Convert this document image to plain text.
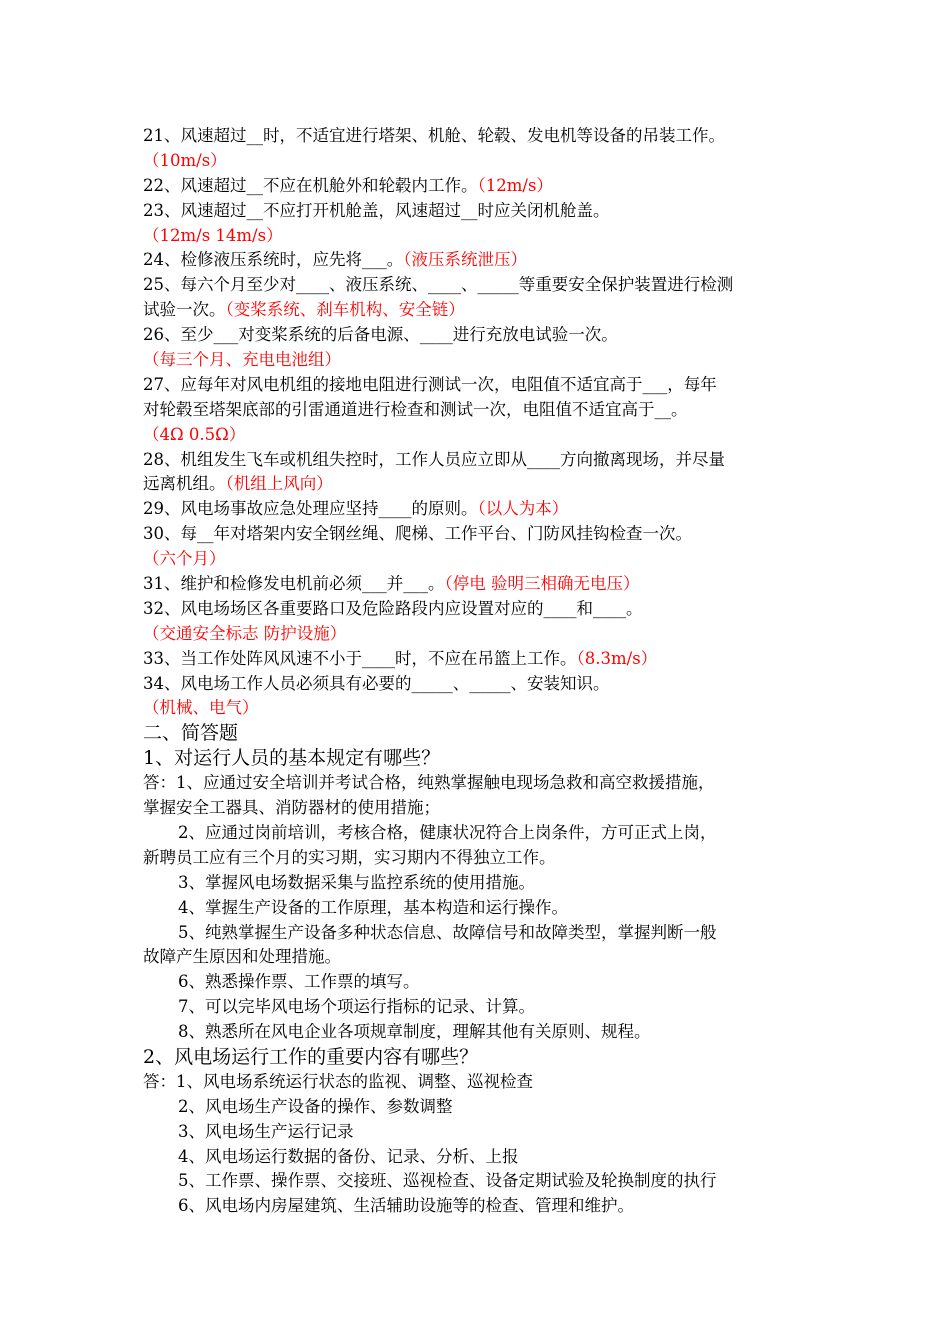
21、风速超过__时，不适宜进行塔架、机舱、轮毂、发电机等设备的吊装工作。
（10m/s）
22、风速超过__不应在机舱外和轮毂内工作。（12m/s）
23、风速超过__不应打开机舱盖，风速超过__时应关闭机舱盖。
（12m/s 14m/s）
24、检修液压系统时，应先将___。（液压系统泄压）
25、每六个月至少对____、液压系统、____、_____等重要安全保护装置进行检测
试验一次。（变桨系统、刹车机构、安全链）
26、至少___对变桨系统的后备电源、____进行充放电试验一次。
（每三个月、充电电池组）
27、应每年对风电机组的接地电阻进行测试一次，电阻值不适宜高于___，每年
对轮毂至塔架底部的引雷通道进行检查和测试一次，电阻值不适宜高于__。
（4Ω 0.5Ω）
28、机组发生飞车或机组失控时，工作人员应立即从____方向撤离现场，并尽量
远离机组。（机组上风向）
29、风电场事故应急处理应坚持____的原则。（以人为本）
30、每__年对塔架内安全钢丝绳、爬梯、工作平台、门防风挂钩检查一次。
（六个月）
31、维护和检修发电机前必须___并___。（停电 验明三相确无电压）
32、风电场场区各重要路口及危险路段内应设置对应的____和____。
（交通安全标志 防护设施）
33、当工作处阵风风速不小于____时，不应在吊篮上工作。（8.3m/s）
34、风电场工作人员必须具有必要的_____、_____、安装知识。
（机械、电气）
二、简答题
1、对运行人员的基本规定有哪些？
答：1、应通过安全培训并考试合格，纯熟掌握触电现场急救和高空救援措施，
掌握安全工器具、消防器材的使用措施；
2、应通过岗前培训，考核合格，健康状况符合上岗条件，方可正式上岗，
新聘员工应有三个月的实习期，实习期内不得独立工作。
3、掌握风电场数据采集与监控系统的使用措施。
4、掌握生产设备的工作原理，基本构造和运行操作。
5、纯熟掌握生产设备多种状态信息、故障信号和故障类型，掌握判断一般
故障产生原因和处理措施。
6、熟悉操作票、工作票的填写。
7、可以完毕风电场个项运行指标的记录、计算。
8、熟悉所在风电企业各项规章制度，理解其他有关原则、规程。
2、风电场运行工作的重要内容有哪些？
答：1、风电场系统运行状态的监视、调整、巡视检查
2、风电场生产设备的操作、参数调整
3、风电场生产运行记录
4、风电场运行数据的备份、记录、分析、上报
5、工作票、操作票、交接班、巡视检查、设备定期试验及轮换制度的执行
6、风电场内房屋建筑、生活辅助设施等的检查、管理和维护。
